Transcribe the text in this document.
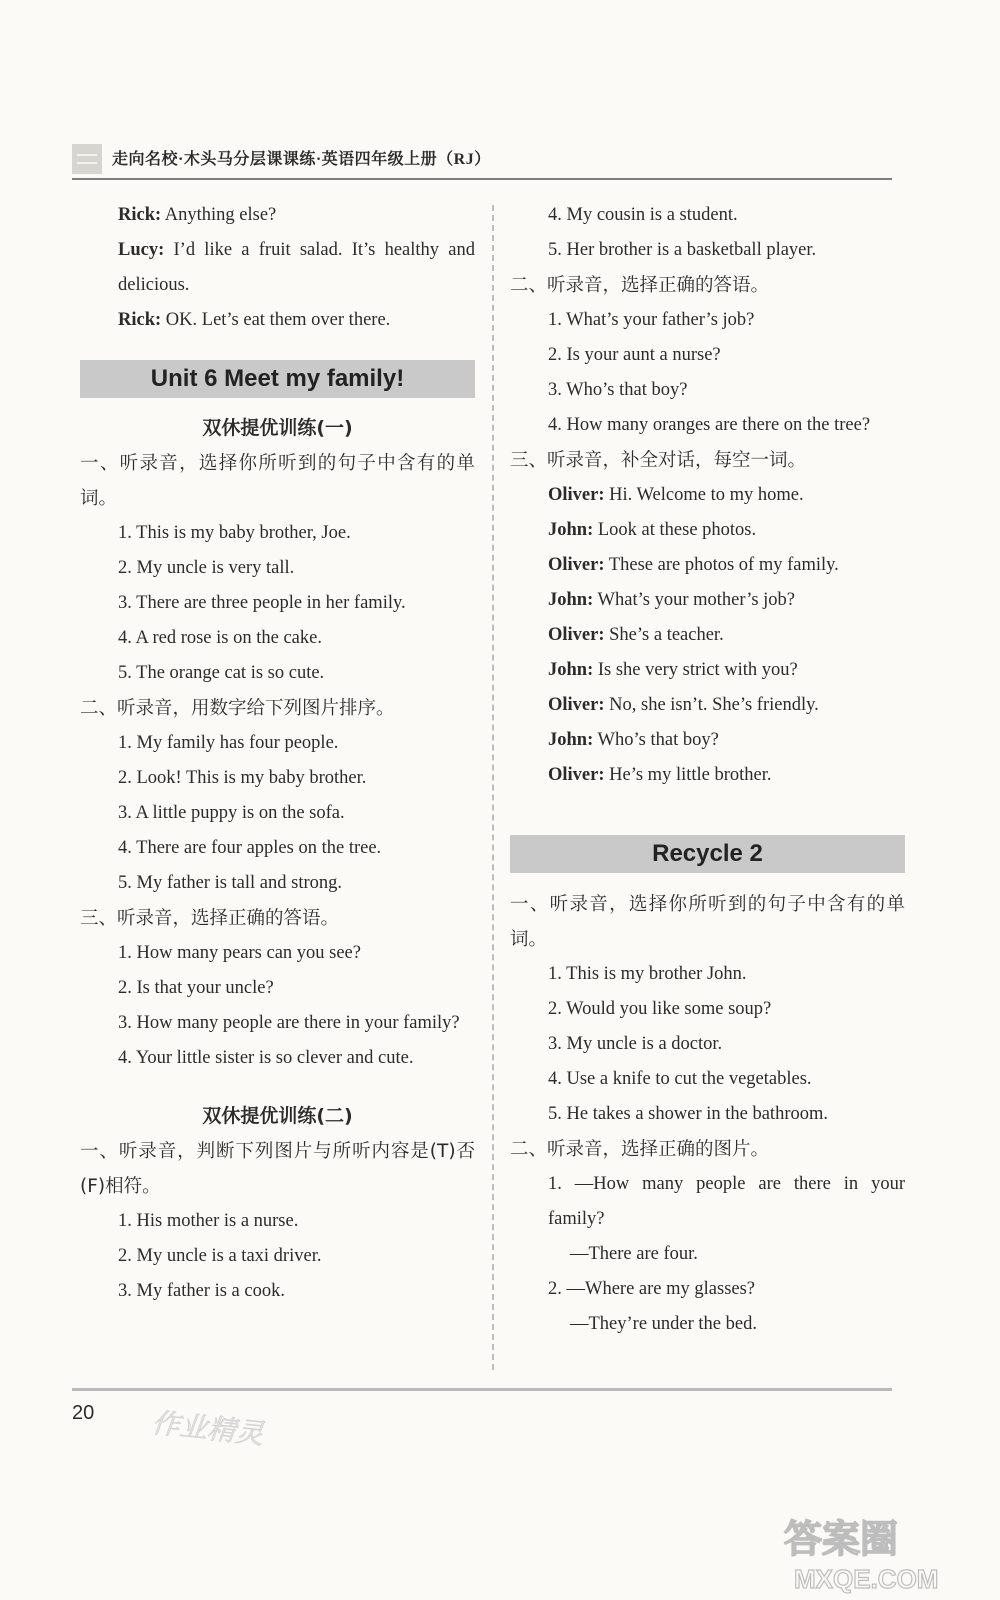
走向名校·木头马分层课课练·英语四年级上册（RJ）
Rick: Anything else?
Lucy: I’d like a fruit salad. It’s healthy and delicious.
Rick: OK. Let’s eat them over there.
Unit 6 Meet my family!
双休提优训练(一)
一、听录音，选择你所听到的句子中含有的单词。
1. This is my baby brother, Joe.
2. My uncle is very tall.
3. There are three people in her family.
4. A red rose is on the cake.
5. The orange cat is so cute.
二、听录音，用数字给下列图片排序。
1. My family has four people.
2. Look! This is my baby brother.
3. A little puppy is on the sofa.
4. There are four apples on the tree.
5. My father is tall and strong.
三、听录音，选择正确的答语。
1. How many pears can you see?
2. Is that your uncle?
3. How many people are there in your family?
4. Your little sister is so clever and cute.
双休提优训练(二)
一、听录音，判断下列图片与所听内容是(T)否(F)相符。
1. His mother is a nurse.
2. My uncle is a taxi driver.
3. My father is a cook.
4. My cousin is a student.
5. Her brother is a basketball player.
二、听录音，选择正确的答语。
1. What’s your father’s job?
2. Is your aunt a nurse?
3. Who’s that boy?
4. How many oranges are there on the tree?
三、听录音，补全对话，每空一词。
Oliver: Hi. Welcome to my home.
John: Look at these photos.
Oliver: These are photos of my family.
John: What’s your mother’s job?
Oliver: She’s a teacher.
John: Is she very strict with you?
Oliver: No, she isn’t. She’s friendly.
John: Who’s that boy?
Oliver: He’s my little brother.
Recycle 2
一、听录音，选择你所听到的句子中含有的单词。
1. This is my brother John.
2. Would you like some soup?
3. My uncle is a doctor.
4. Use a knife to cut the vegetables.
5. He takes a shower in the bathroom.
二、听录音，选择正确的图片。
1. —How many people are there in your family?
—There are four.
2. —Where are my glasses?
—They’re under the bed.
20 作业精灵
答案圈
MXQE.COM
